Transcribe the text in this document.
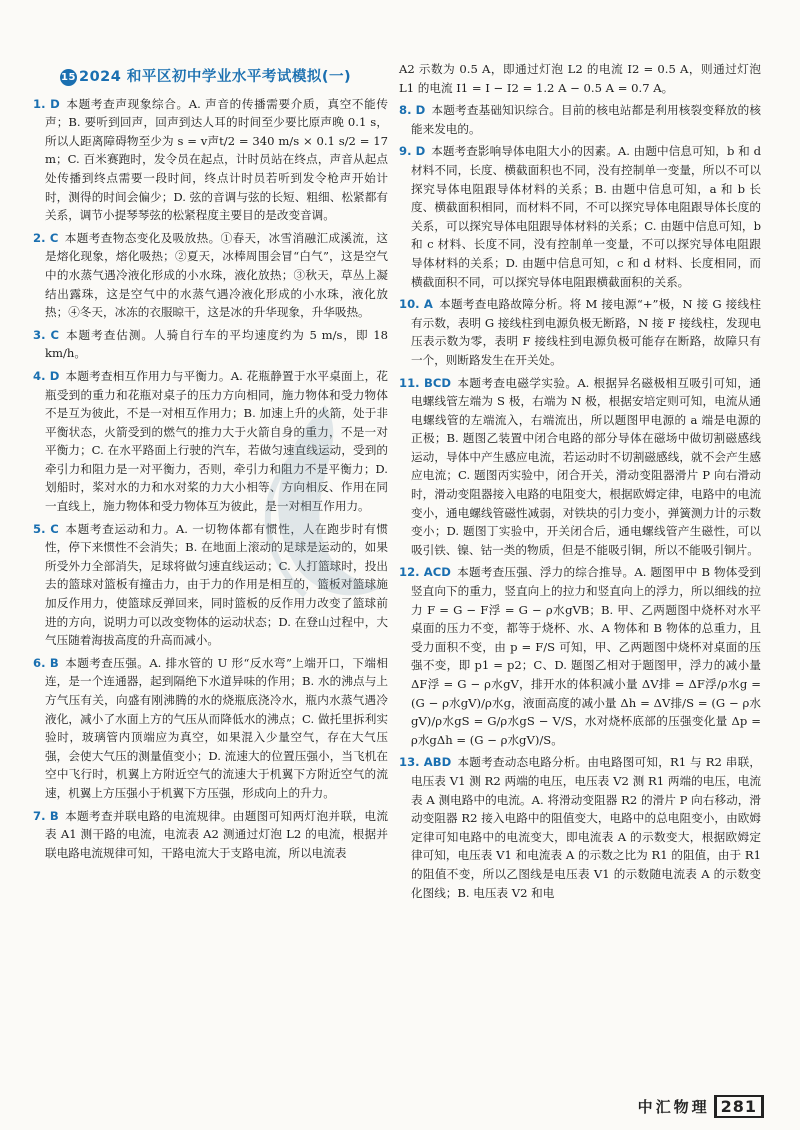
15 2024 和平区初中学业水平考试模拟(一)
1. D 本题考查声现象综合。A. 声音的传播需要介质，真空不能传声；B. 要听到回声，回声到达人耳的时间至少要比原声晚 0.1 s，所以人距离障碍物至少为 s = v声t/2 = 340 m/s × 0.1 s/2 = 17 m；C. 百米赛跑时，发令员在起点，计时员站在终点，声音从起点处传播到终点需要一段时间，终点计时员若听到发令枪声开始计时，测得的时间会偏少；D. 弦的音调与弦的长短、粗细、松紧都有关系，调节小提琴琴弦的松紧程度主要目的是改变音调。
2. C 本题考查物态变化及吸放热。①春天，冰雪消融汇成溪流，这是熔化现象，熔化吸热；②夏天，冰棒周围会冒“白气”，这是空气中的水蒸气遇冷液化形成的小水珠，液化放热；③秋天，草丛上凝结出露珠，这是空气中的水蒸气遇冷液化形成的小水珠，液化放热；④冬天，冰冻的衣服晾干，这是冰的升华现象，升华吸热。
3. C 本题考查估测。人骑自行车的平均速度约为 5 m/s，即 18 km/h。
4. D 本题考查相互作用力与平衡力。A. 花瓶静置于水平桌面上，花瓶受到的重力和花瓶对桌子的压力方向相同，施力物体和受力物体不是互为彼此，不是一对相互作用力；B. 加速上升的火箭，处于非平衡状态，火箭受到的燃气的推力大于火箭自身的重力，不是一对平衡力；C. 在水平路面上行驶的汽车，若做匀速直线运动，受到的牵引力和阻力是一对平衡力，否则，牵引力和阻力不是平衡力；D. 划船时，桨对水的力和水对桨的力大小相等、方向相反、作用在同一直线上，施力物体和受力物体互为彼此，是一对相互作用力。
5. C 本题考查运动和力。A. 一切物体都有惯性，人在跑步时有惯性，停下来惯性不会消失；B. 在地面上滚动的足球是运动的，如果所受外力全部消失，足球将做匀速直线运动；C. 人打篮球时，投出去的篮球对篮板有撞击力，由于力的作用是相互的，篮板对篮球施加反作用力，使篮球反弹回来，同时篮板的反作用力改变了篮球前进的方向，说明力可以改变物体的运动状态；D. 在登山过程中，大气压随着海拔高度的升高而减小。
6. B 本题考查压强。A. 排水管的 U 形“反水弯”上端开口，下端相连，是一个连通器，起到隔绝下水道异味的作用；B. 水的沸点与上方气压有关，向盛有刚沸腾的水的烧瓶底浇冷水，瓶内水蒸气遇冷液化，减小了水面上方的气压从而降低水的沸点；C. 做托里拆利实验时，玻璃管内顶端应为真空，如果混入少量空气，存在大气压强，会使大气压的测量值变小；D. 流速大的位置压强小，当飞机在空中飞行时，机翼上方附近空气的流速大于机翼下方附近空气的流速，机翼上方压强小于机翼下方压强，形成向上的升力。
7. B 本题考查并联电路的电流规律。由题图可知两灯泡并联，电流表 A1 测干路的电流，电流表 A2 测通过灯泡 L2 的电流，根据并联电路电流规律可知，干路电流大于支路电流，所以电流表
A2 示数为 0.5 A，即通过灯泡 L2 的电流 I2 = 0.5 A，则通过灯泡 L1 的电流 I1 = I − I2 = 1.2 A − 0.5 A = 0.7 A。
8. D 本题考查基础知识综合。目前的核电站都是利用核裂变释放的核能来发电的。
9. D 本题考查影响导体电阻大小的因素。A. 由题中信息可知，b 和 d 材料不同，长度、横截面积也不同，没有控制单一变量，所以不可以探究导体电阻跟导体材料的关系；B. 由题中信息可知，a 和 b 长度、横截面积相同，而材料不同，不可以探究导体电阻跟导体长度的关系，可以探究导体电阻跟导体材料的关系；C. 由题中信息可知，b 和 c 材料、长度不同，没有控制单一变量，不可以探究导体电阻跟导体材料的关系；D. 由题中信息可知，c 和 d 材料、长度相同，而横截面积不同，可以探究导体电阻跟横截面积的关系。
10. A 本题考查电路故障分析。将 M 接电源“+”极，N 接 G 接线柱有示数，表明 G 接线柱到电源负极无断路，N 接 F 接线柱，发现电压表示数为零，表明 F 接线柱到电源负极可能存在断路，故障只有一个，则断路发生在开关处。
11. BCD 本题考查电磁学实验。A. 根据异名磁极相互吸引可知，通电螺线管左端为 S 极，右端为 N 极，根据安培定则可知，电流从通电螺线管的左端流入，右端流出，所以题图甲电源的 a 端是电源的正极；B. 题图乙装置中闭合电路的部分导体在磁场中做切割磁感线运动，导体中产生感应电流，若运动时不切割磁感线，就不会产生感应电流；C. 题图丙实验中，闭合开关，滑动变阻器滑片 P 向右滑动时，滑动变阻器接入电路的电阻变大，根据欧姆定律，电路中的电流变小，通电螺线管磁性减弱，对铁块的引力变小，弹簧测力计的示数变小；D. 题图丁实验中，开关闭合后，通电螺线管产生磁性，可以吸引铁、镍、钴一类的物质，但是不能吸引铜，所以不能吸引铜片。
12. ACD 本题考查压强、浮力的综合推导。A. 题图甲中 B 物体受到竖直向下的重力，竖直向上的拉力和竖直向上的浮力，所以细线的拉力 F = G − F浮 = G − ρ水gVB；B. 甲、乙两题图中烧杯对水平桌面的压力不变，都等于烧杯、水、A 物体和 B 物体的总重力，且受力面积不变，由 p = F/S 可知，甲、乙两题图中烧杯对桌面的压强不变，即 p1 = p2；C、D. 题图乙相对于题图甲，浮力的减小量 ΔF浮 = G − ρ水gV，排开水的体积减小量 ΔV排 = ΔF浮/ρ水g = (G − ρ水gV)/ρ水g，液面高度的减小量 Δh = ΔV排/S = (G − ρ水gV)/ρ水gS = G/ρ水gS − V/S，水对烧杯底部的压强变化量 Δp = ρ水gΔh = (G − ρ水gV)/S。
13. ABD 本题考查动态电路分析。由电路图可知，R1 与 R2 串联，电压表 V1 测 R2 两端的电压，电压表 V2 测 R1 两端的电压，电流表 A 测电路中的电流。A. 将滑动变阻器 R2 的滑片 P 向右移动，滑动变阻器 R2 接入电路中的阻值变大，电路中的总电阻变小，由欧姆定律可知电路中的电流变大，即电流表 A 的示数变大，根据欧姆定律可知，电压表 V1 和电流表 A 的示数之比为 R1 的阻值，由于 R1 的阻值不变，所以乙图线是电压表 V1 的示数随电流表 A 的示数变化图线；B. 电压表 V2 和电
中汇物理 281
